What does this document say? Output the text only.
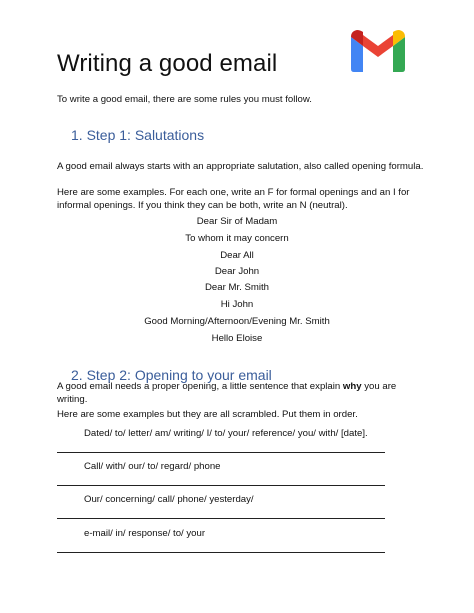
Writing a good email

To write a good email, there are some rules you must follow.

1. Step 1: Salutations

A good email always starts with an appropriate salutation, also called opening formula.

Here are some examples. For each one, write an F for formal openings and an I for informal openings. If you think they can be both, write an N (neutral).

Dear Sir of Madam
To whom it may concern
Dear All
Dear John
Dear Mr. Smith
Hi John
Good Morning/Afternoon/Evening Mr. Smith
Hello Eloise
2. Step 2: Opening to your email

A good email needs a proper opening, a little sentence that explain why you are writing.

Here are some examples but they are all scrambled. Put them in order.

Dated/ to/ letter/ am/ writing/ I/ to/ your/ reference/ you/ with/ [date].
Call/ with/ our/ to/ regard/ phone
Our/ concerning/ call/ phone/ yesterday/
e-mail/ in/ response/ to/ your
